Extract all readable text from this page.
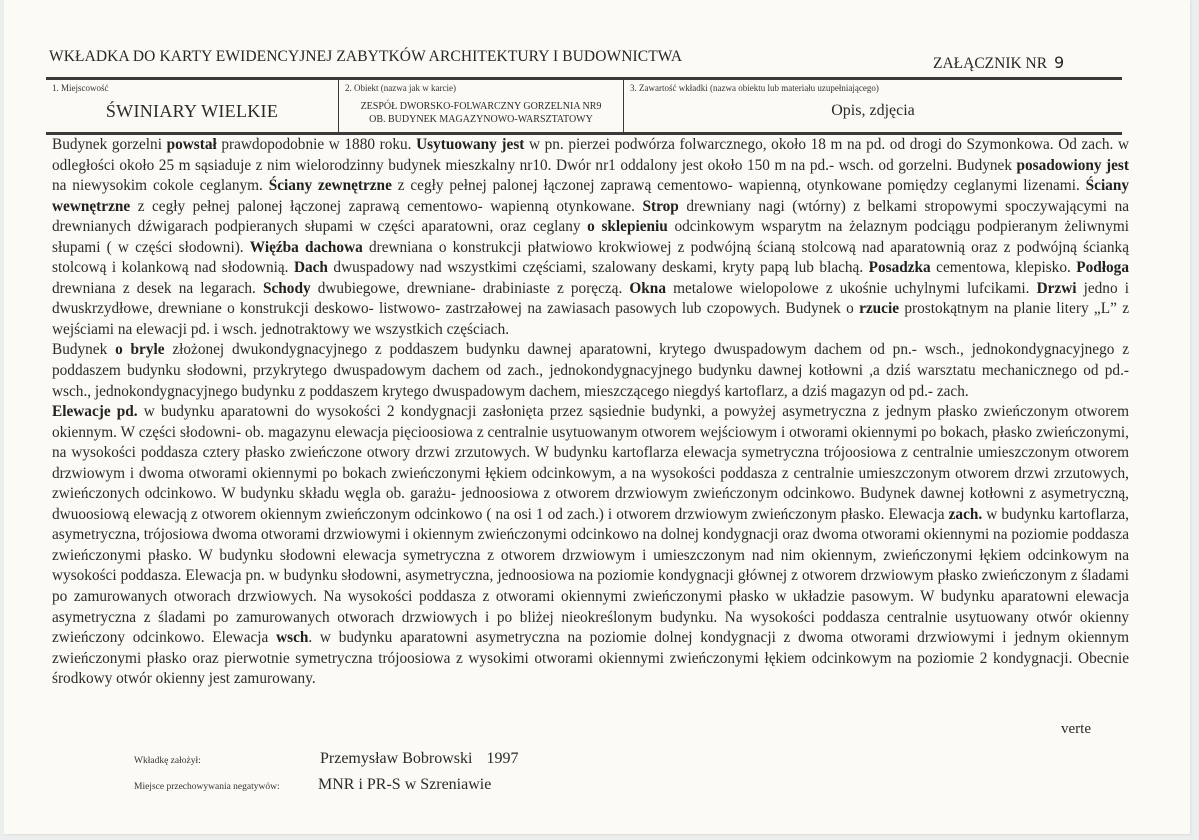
WKŁADKA DO KARTY EWIDENCYJNEJ ZABYTKÓW ARCHITEKTURY I BUDOWNICTWA	ZAŁĄCZNIK NR 9
1. Miejscowość
ŚWINIARY WIELKIE
2. Obiekt (nazwa jak w karcie)
ZESPÓŁ DWORSKO-FOLWARCZNY GORZELNIA NR9
OB. BUDYNEK MAGAZYNOWO-WARSZTATOWY
3. Zawartość wkładki (nazwa obiektu lub materiału uzupełniającego)
Opis, zdjęcia

Budynek gorzelni powstał prawdopodobnie w 1880 roku. Usytuowany jest w pn. pierzei podwórza folwarcznego, około 18 m na pd. od drogi do Szymonkowa. Od zach. w odległości około 25 m sąsiaduje z nim wielorodzinny budynek mieszkalny nr10. Dwór nr1 oddalony jest około 150 m na pd.- wsch. od gorzelni. Budynek posadowiony jest na niewysokim cokole ceglanym. Ściany zewnętrzne z cegły pełnej palonej łączonej zaprawą cementowo- wapienną, otynkowane pomiędzy ceglanymi lizenami. Ściany wewnętrzne z cegły pełnej palonej łączonej zaprawą cementowo- wapienną otynkowane. Strop drewniany nagi (wtórny) z belkami stropowymi spoczywającymi na drewnianych dźwigarach podpieranych słupami w części aparatowni, oraz ceglany o sklepieniu odcinkowym wsparytm na żelaznym podciągu podpieranym żeliwnymi słupami ( w części słodowni). Więźba dachowa drewniana o konstrukcji płatwiowo krokwiowej z podwójną ścianą stolcową nad aparatownią oraz z podwójną ścianką stolcową i kolankową nad słodownią. Dach dwuspadowy nad wszystkimi częściami, szalowany deskami, kryty papą lub blachą. Posadzka cementowa, klepisko. Podłoga drewniana z desek na legarach. Schody dwubiegowe, drewniane- drabiniaste z poręczą. Okna metalowe wielopolowe z ukośnie uchylnymi lufcikami. Drzwi jedno i dwuskrzydłowe, drewniane o konstrukcji deskowo- listwowo- zastrzałowej na zawiasach pasowych lub czopowych. Budynek o rzucie prostokątnym na planie litery „L” z wejściami na elewacji pd. i wsch. jednotraktowy we wszystkich częściach.

Budynek o bryle złożonej dwukondygnacyjnego z poddaszem budynku dawnej aparatowni, krytego dwuspadowym dachem od pn.- wsch., jednokondygnacyjnego z poddaszem budynku słodowni, przykrytego dwuspadowym dachem od zach., jednokondygnacyjnego budynku dawnej kotłowni ,a dziś warsztatu mechanicznego od pd.- wsch., jednokondygnacyjnego budynku z poddaszem krytego dwuspadowym dachem, mieszczącego niegdyś kartoflarz, a dziś magazyn od pd.- zach.

Elewacje pd. w budynku aparatowni do wysokości 2 kondygnacji zasłonięta przez sąsiednie budynki, a powyżej asymetryczna z jednym płasko zwieńczonym otworem okiennym. W części słodowni- ob. magazynu elewacja pięcioosiowa z centralnie usytuowanym otworem wejściowym i otworami okiennymi po bokach, płasko zwieńczonymi, na wysokości poddasza cztery płasko zwieńczone otwory drzwi zrzutowych. W budynku kartoflarza elewacja symetryczna trójoosiowa z centralnie umieszczonym otworem drzwiowym i dwoma otworami okiennymi po bokach zwieńczonymi łękiem odcinkowym, a na wysokości poddasza z centralnie umieszczonym otworem drzwi zrzutowych, zwieńczonych odcinkowo. W budynku składu węgla ob. garażu- jednoosiowa z otworem drzwiowym zwieńczonym odcinkowo. Budynek dawnej kotłowni z asymetryczną, dwuoosiową elewacją z otworem okiennym zwieńczonym odcinkowo ( na osi 1 od zach.) i otworem drzwiowym zwieńczonym płasko. Elewacja zach. w budynku kartoflarza, asymetryczna, trójosiowa dwoma otworami drzwiowymi i okiennym zwieńczonymi odcinkowo na dolnej kondygnacji oraz dwoma otworami okiennymi na poziomie poddasza zwieńczonymi płasko. W budynku słodowni elewacja symetryczna z otworem drzwiowym i umieszczonym nad nim okiennym, zwieńczonymi łękiem odcinkowym na wysokości poddasza. Elewacja pn. w budynku słodowni, asymetryczna, jednoosiowa na poziomie kondygnacji głównej z otworem drzwiowym płasko zwieńczonym z śladami po zamurowanych otworach drzwiowych. Na wysokości poddasza z otworami okiennymi zwieńczonymi płasko w układzie pasowym. W budynku aparatowni elewacja asymetryczna z śladami po zamurowanych otworach drzwiowych i po bliżej nieokreślonym budynku. Na wysokości poddasza centralnie usytuowany otwór okienny zwieńczony odcinkowo. Elewacja wsch. w budynku aparatowni asymetryczna na poziomie dolnej kondygnacji z dwoma otworami drzwiowymi i jednym okiennym zwieńczonymi płasko oraz pierwotnie symetryczna trójoosiowa z wysokimi otworami okiennymi zwieńczonymi łękiem odcinkowym na poziomie 2 kondygnacji. Obecnie środkowy otwór okienny jest zamurowany.

verte
Wkładkę założył:	Przemysław Bobrowski 1997
Miejsce przechowywania negatywów:	MNR i PR-S w Szreniawie
